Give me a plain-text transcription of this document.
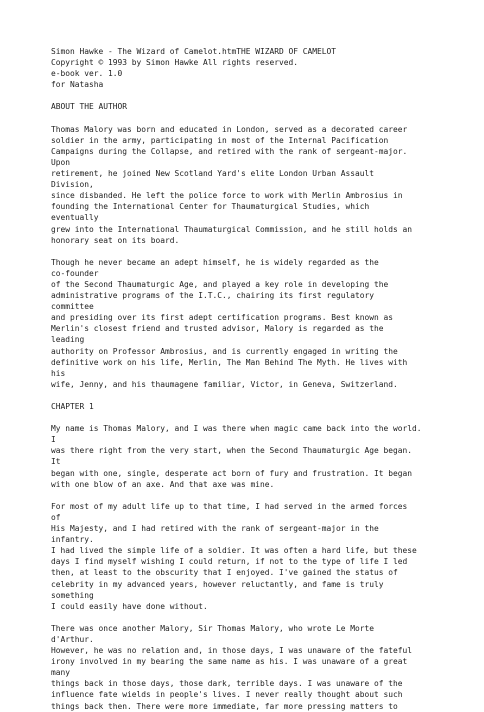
Simon Hawke - The Wizard of Camelot.htmTHE WIZARD OF CAMELOT
Copyright © 1993 by Simon Hawke All rights reserved.
e-book ver. 1.0
for Natasha
ABOUT THE AUTHOR
Thomas Malory was born and educated in London, served as a decorated career
soldier in the army, participating in most of the Internal Pacification
Campaigns during the Collapse, and retired with the rank of sergeant-major.
Upon
retirement, he joined New Scotland Yard's elite London Urban Assault
Division,
since disbanded. He left the police force to work with Merlin Ambrosius in
founding the International Center for Thaumaturgical Studies, which
eventually
grew into the International Thaumaturgical Commission, and he still holds an
honorary seat on its board.
Though he never became an adept himself, he is widely regarded as the
co-founder
of the Second Thaumaturgic Age, and played a key role in developing the
administrative programs of the I.T.C., chairing its first regulatory
committee
and presiding over its first adept certification programs. Best known as
Merlin's closest friend and trusted advisor, Malory is regarded as the
leading
authority on Professor Ambrosius, and is currently engaged in writing the
definitive work on his life, Merlin, The Man Behind The Myth. He lives with
his
wife, Jenny, and his thaumagene familiar, Victor, in Geneva, Switzerland.
CHAPTER 1
My name is Thomas Malory, and I was there when magic came back into the world.
I
was there right from the very start, when the Second Thaumaturgic Age began.
It
began with one, single, desperate act born of fury and frustration. It began
with one blow of an axe. And that axe was mine.
For most of my adult life up to that time, I had served in the armed forces
of
His Majesty, and I had retired with the rank of sergeant-major in the
infantry.
I had lived the simple life of a soldier. It was often a hard life, but these
days I find myself wishing I could return, if not to the type of life I led
then, at least to the obscurity that I enjoyed. I've gained the status of
celebrity in my advanced years, however reluctantly, and fame is truly
something
I could easily have done without.
There was once another Malory, Sir Thomas Malory, who wrote Le Morte
d'Arthur.
However, he was no relation and, in those days, I was unaware of the fateful
irony involved in my bearing the same name as his. I was unaware of a great
many
things back in those days, those dark, terrible days. I was unaware of the
influence fate wields in people's lives. I never really thought about such
things back then. There were more immediate, far more pressing matters to
